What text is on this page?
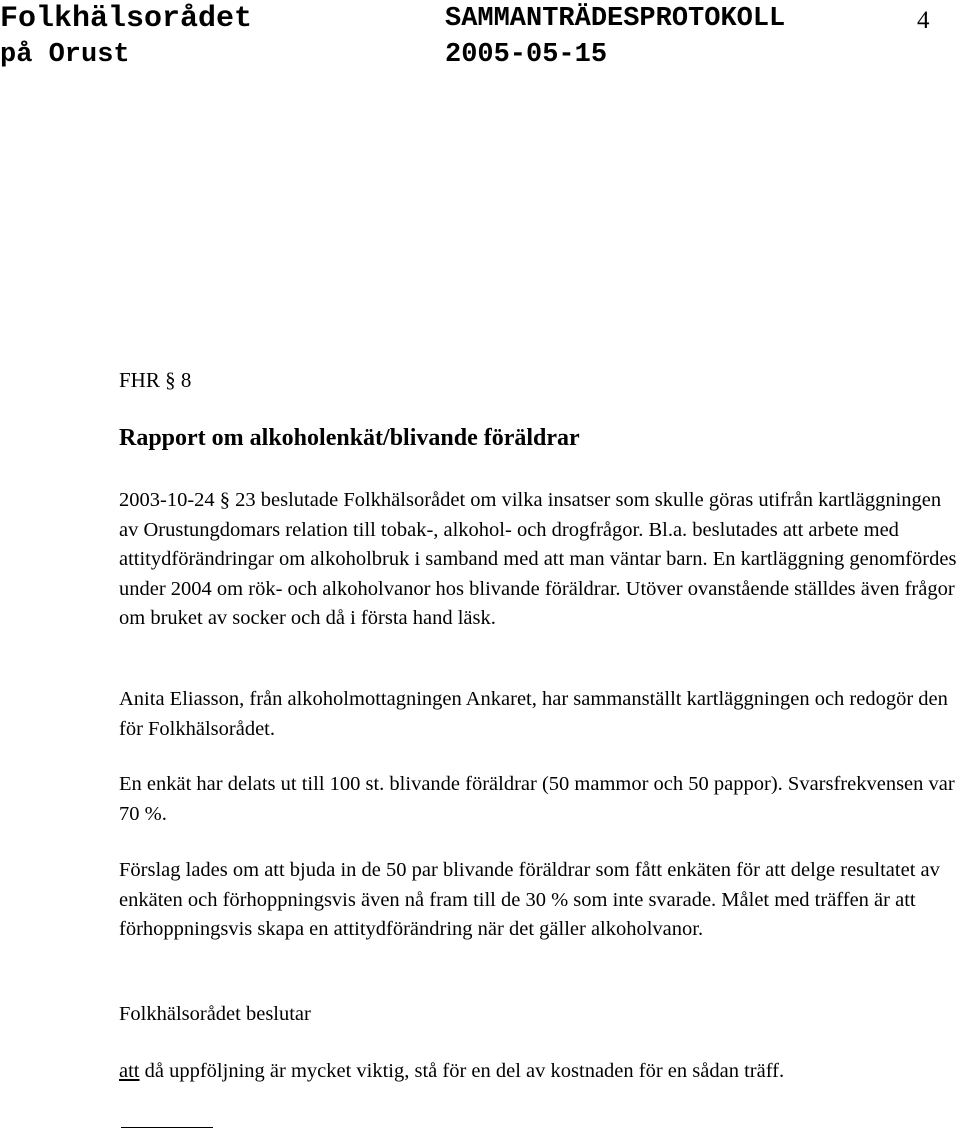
Folkhälsorådet
på Orust
SAMMANTRÄDESPROTOKOLL
2005-05-15
4
FHR § 8
Rapport om alkoholenkät/blivande föräldrar

2003-10-24 § 23 beslutade Folkhälsorådet om vilka insatser som skulle göras utifrån kartläggningen av Orustungdomars relation till tobak-, alkohol- och drogfrågor. Bl.a. beslutades att arbete med attitydförändringar om alkoholbruk i samband med att man väntar barn. En kartläggning genomfördes under 2004 om rök- och alkoholvanor hos blivande föräldrar. Utöver ovanstående ställdes även frågor om bruket av socker och då i första hand läsk.

Anita Eliasson, från alkoholmottagningen Ankaret, har sammanställt kartläggningen och redogör den för Folkhälsorådet.

En enkät har delats ut till 100 st. blivande föräldrar (50 mammor och 50 pappor). Svarsfrekvensen var 70 %.

Förslag lades om att bjuda in de 50 par blivande föräldrar som fått enkäten för att delge resultatet av enkäten och förhoppningsvis även nå fram till de 30 % som inte svarade. Målet med träffen är att förhoppningsvis skapa en attitydförändring när det gäller alkoholvanor.

Folkhälsorådet beslutar

att då uppföljning är mycket viktig, stå för en del av kostnaden för en sådan träff.
